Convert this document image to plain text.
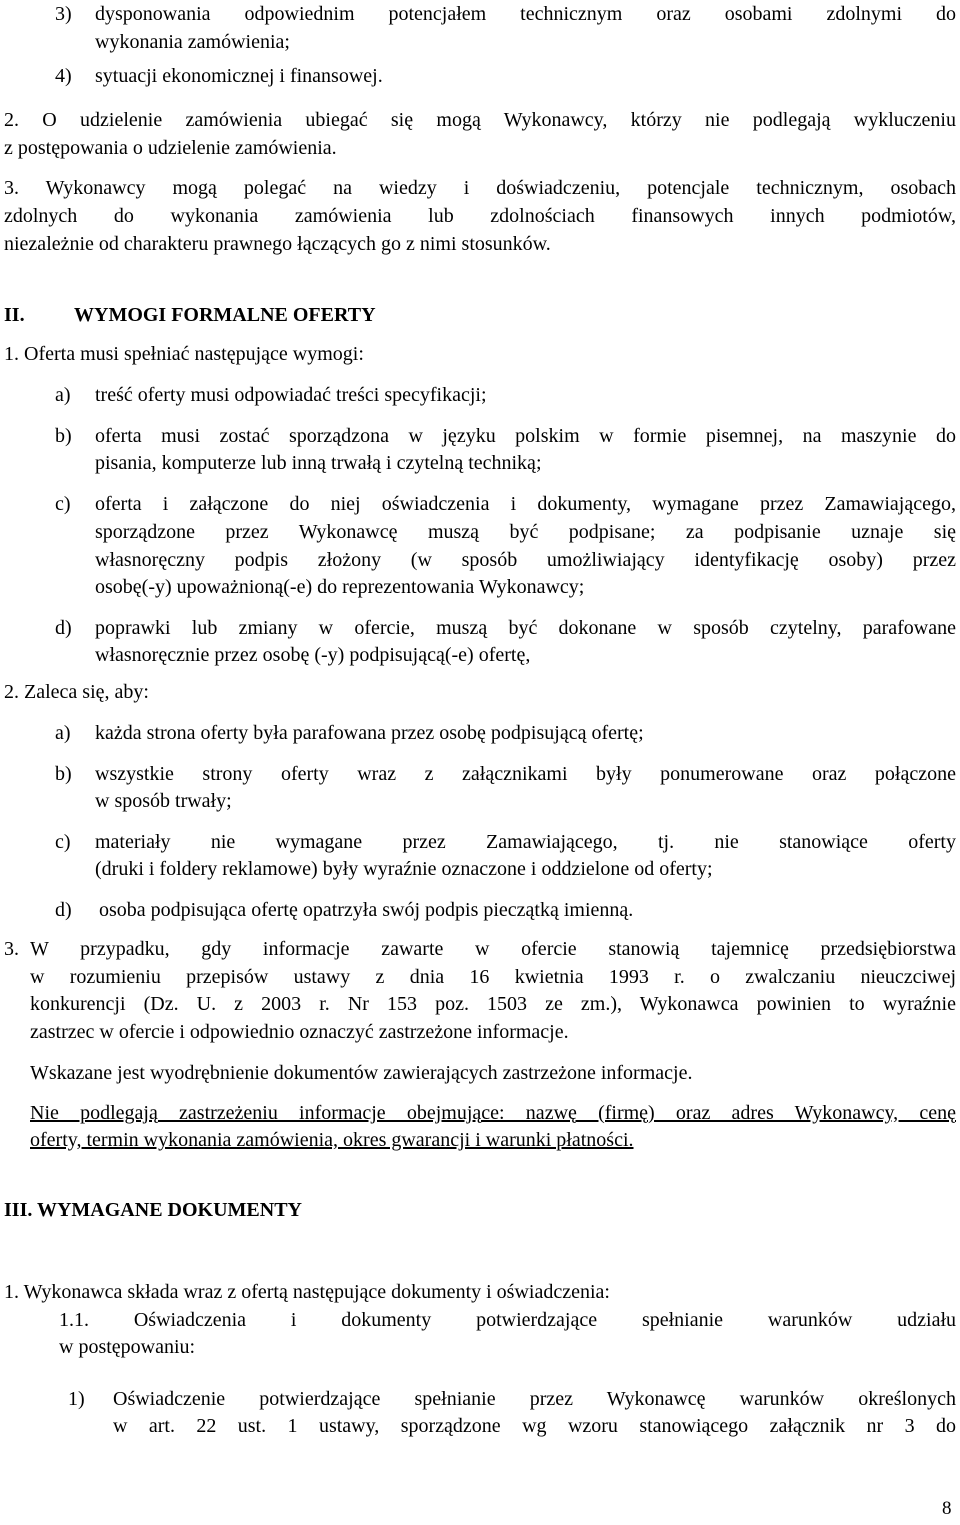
3) dysponowania odpowiednim potencjałem technicznym oraz osobami zdolnymi do
wykonania zamówienia;
4) sytuacji ekonomicznej i finansowej.
2. O udzielenie zamówienia ubiegać się mogą Wykonawcy, którzy nie podlegają wykluczeniu
z postępowania o udzielenie zamówienia.
3. Wykonawcy mogą polegać na wiedzy i doświadczeniu, potencjale technicznym, osobach
zdolnych do wykonania zamówienia lub zdolnościach finansowych innych podmiotów,
niezależnie od charakteru prawnego łączących go z nimi stosunków.
II. WYMOGI FORMALNE OFERTY
1. Oferta musi spełniać następujące wymogi:
a) treść oferty musi odpowiadać treści specyfikacji;
b) oferta musi zostać sporządzona w języku polskim w formie pisemnej, na maszynie do
pisania, komputerze lub inną trwałą i czytelną techniką;
c) oferta i załączone do niej oświadczenia i dokumenty, wymagane przez Zamawiającego,
sporządzone przez Wykonawcę muszą być podpisane; za podpisanie uznaje się
własnoręczny podpis złożony (w sposób umożliwiający identyfikację osoby) przez
osobę(-y) upoważnioną(-e) do reprezentowania Wykonawcy;
d) poprawki lub zmiany w ofercie, muszą być dokonane w sposób czytelny, parafowane
własnoręcznie przez osobę (-y) podpisującą(-e) ofertę,
2. Zaleca się, aby:
a) każda strona oferty była parafowana przez osobę podpisującą ofertę;
b) wszystkie strony oferty wraz z załącznikami były ponumerowane oraz połączone
w sposób trwały;
c) materiały nie wymagane przez Zamawiającego, tj. nie stanowiące oferty
(druki i foldery reklamowe) były wyraźnie oznaczone i oddzielone od oferty;
d) osoba podpisująca ofertę opatrzyła swój podpis pieczątką imienną.
3. W przypadku, gdy informacje zawarte w ofercie stanowią tajemnicę przedsiębiorstwa
w rozumieniu przepisów ustawy z dnia 16 kwietnia 1993 r. o zwalczaniu nieuczciwej
konkurencji (Dz. U. z 2003 r. Nr 153 poz. 1503 ze zm.), Wykonawca powinien to wyraźnie
zastrzec w ofercie i odpowiednio oznaczyć zastrzeżone informacje.
Wskazane jest wyodrębnienie dokumentów zawierających zastrzeżone informacje.
Nie podlegają zastrzeżeniu informacje obejmujące: nazwę (firmę) oraz adres Wykonawcy, cenę
oferty, termin wykonania zamówienia, okres gwarancji i warunki płatności.
III. WYMAGANE DOKUMENTY
1. Wykonawca składa wraz z ofertą następujące dokumenty i oświadczenia:
1.1. Oświadczenia i dokumenty potwierdzające spełnianie warunków udziału
w postępowaniu:
1) Oświadczenie potwierdzające spełnianie przez Wykonawcę warunków określonych
w art. 22 ust. 1 ustawy, sporządzone wg wzoru stanowiącego załącznik nr 3 do
8
